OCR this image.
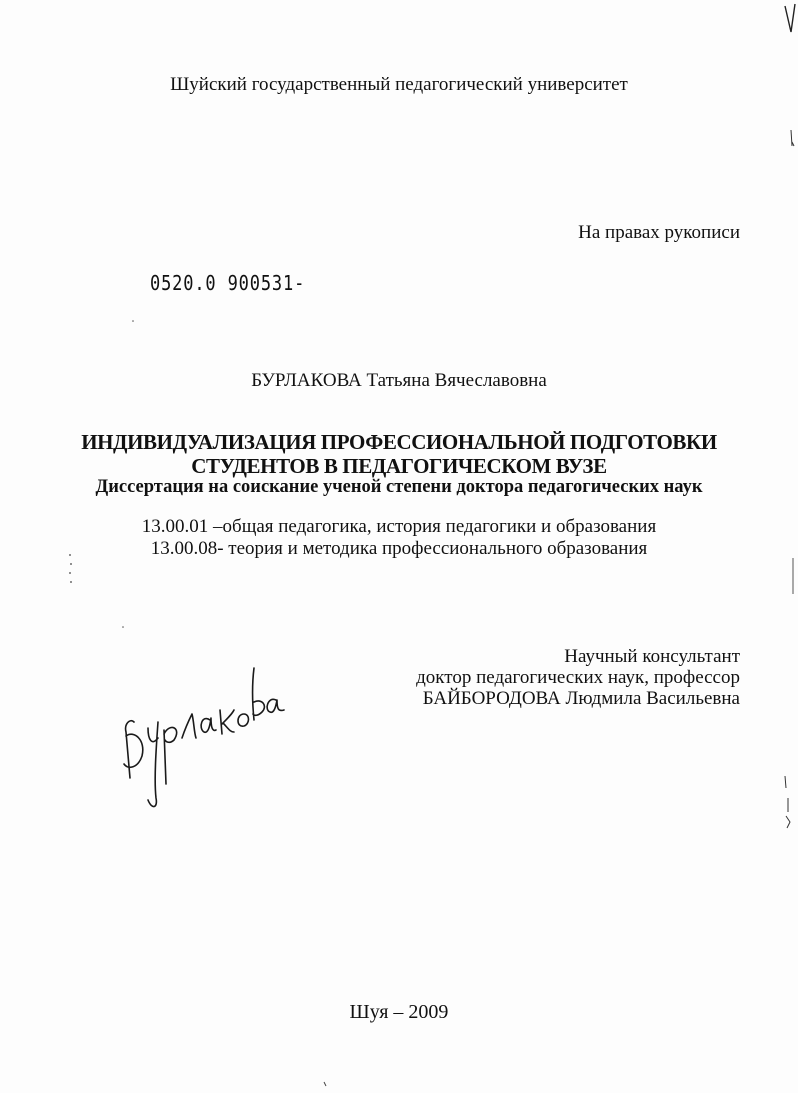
Шуйский государственный педагогический университет
На правах рукописи
0520.0 900531-
БУРЛАКОВА Татьяна Вячеславовна
ИНДИВИДУАЛИЗАЦИЯ ПРОФЕССИОНАЛЬНОЙ ПОДГОТОВКИ
СТУДЕНТОВ В ПЕДАГОГИЧЕСКОМ ВУЗЕ
Диссертация на соискание ученой степени доктора педагогических наук
13.00.01 –общая педагогика, история педагогики и образования
13.00.08- теория и методика профессионального образования
Научный консультант
доктор педагогических наук, профессор
БАЙБОРОДОВА Людмила Васильевна
Шуя – 2009
